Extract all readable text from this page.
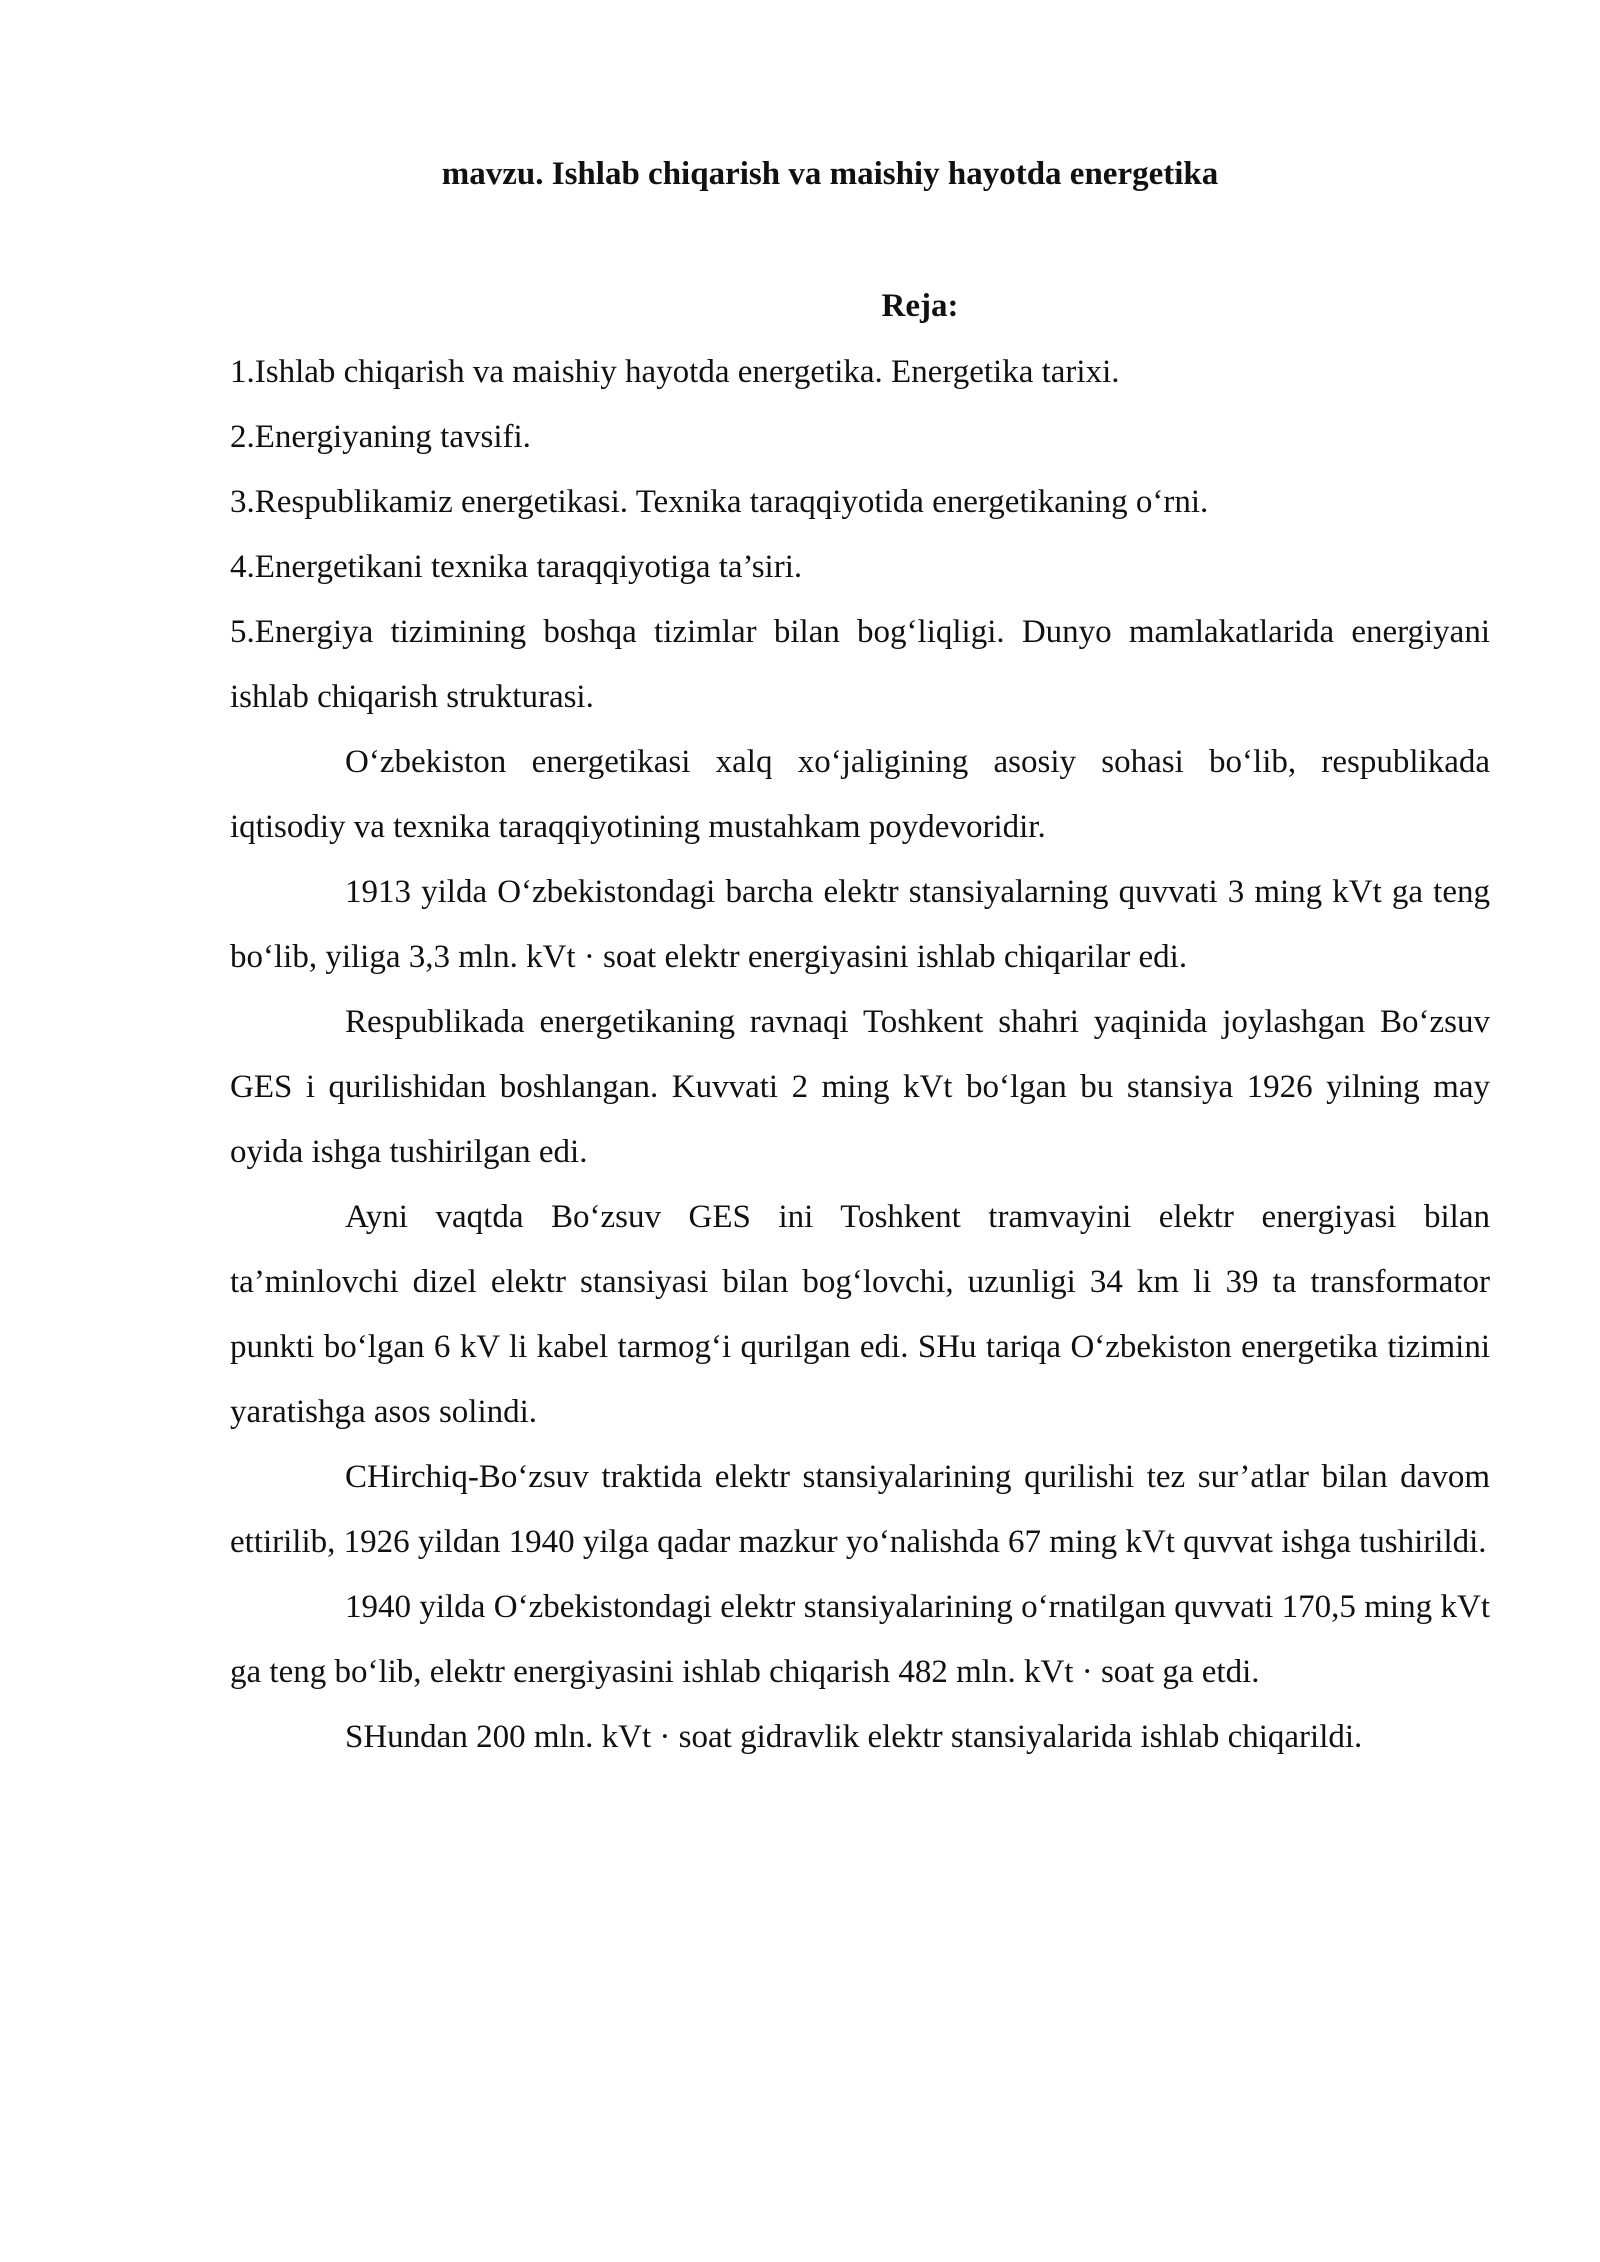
mavzu. Ishlab chiqarish va maishiy hayotda energetika
Reja:

1.Ishlab chiqarish va maishiy hayotda energetika. Energetika tarixi.

2.Energiyaning tavsifi.

3.Respublikamiz energetikasi. Texnika taraqqiyotida energetikaning o‘rni.

4.Energetikani texnika taraqqiyotiga ta’siri.

5.Energiya tizimining boshqa tizimlar bilan bog‘liqligi. Dunyo mamlakatlarida energiyani ishlab chiqarish strukturasi.

O‘zbekiston energetikasi xalq xo‘jaligining asosiy sohasi bo‘lib, respublikada iqtisodiy va texnika taraqqiyotining mustahkam poydevoridir.

1913 yilda O‘zbekistondagi barcha elektr stansiyalarning quvvati 3 ming kVt ga teng bo‘lib, yiliga 3,3 mln. kVt · soat elektr energiyasini ishlab chiqarilar edi.

Respublikada energetikaning ravnaqi Toshkent shahri yaqinida joylashgan Bo‘zsuv GES i qurilishidan boshlangan. Kuvvati 2 ming kVt bo‘lgan bu stansiya 1926 yilning may oyida ishga tushirilgan edi.

Ayni vaqtda Bo‘zsuv GES ini Toshkent tramvayini elektr energiyasi bilan ta’minlovchi dizel elektr stansiyasi bilan bog‘lovchi, uzunligi 34 km li 39 ta transformator punkti bo‘lgan 6 kV li kabel tarmog‘i qurilgan edi. SHu tariqa O‘zbekiston energetika tizimini yaratishga asos solindi.

CHirchiq-Bo‘zsuv traktida elektr stansiyalarining qurilishi tez sur’atlar bilan davom ettirilib, 1926 yildan 1940 yilga qadar mazkur yo‘nalishda 67 ming kVt quvvat ishga tushirildi.

1940 yilda O‘zbekistondagi elektr stansiyalarining o‘rnatilgan quvvati 170,5 ming kVt ga teng bo‘lib, elektr energiyasini ishlab chiqarish 482 mln. kVt · soat ga etdi.

SHundan 200 mln. kVt · soat gidravlik elektr stansiyalarida ishlab chiqarildi.
